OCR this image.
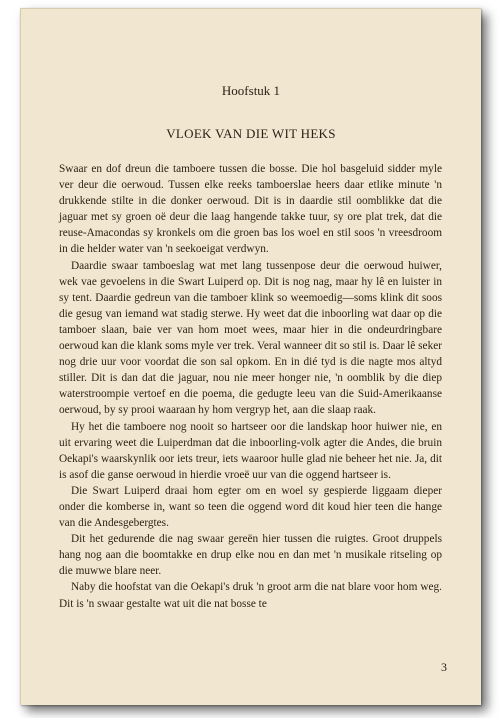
Hoofstuk 1
VLOEK VAN DIE WIT HEKS

Swaar en dof dreun die tamboere tussen die bosse. Die hol basgeluid sidder myle ver deur die oerwoud. Tussen elke reeks tamboerslae heers daar etlike minute 'n drukkende stilte in die donker oerwoud. Dit is in daardie stil oomblikke dat die jaguar met sy groen oë deur die laag hangende takke tuur, sy ore plat trek, dat die reuse-Amacondas sy kronkels om die groen bas los woel en stil soos 'n vreesdroom in die helder water van 'n seekoeigat verdwyn.

Daardie swaar tamboeslag wat met lang tussenpose deur die oerwoud huiwer, wek vae gevoelens in die Swart Luiperd op. Dit is nog nag, maar hy lê en luister in sy tent. Daardie gedreun van die tamboer klink so weemoedig—soms klink dit soos die gesug van iemand wat stadig sterwe. Hy weet dat die inboorling wat daar op die tamboer slaan, baie ver van hom moet wees, maar hier in die ondeurdringbare oerwoud kan die klank soms myle ver trek. Veral wanneer dit so stil is. Daar lê seker nog drie uur voor voordat die son sal opkom. En in dié tyd is die nagte mos altyd stiller. Dit is dan dat die jaguar, nou nie meer honger nie, 'n oomblik by die diep waterstroompie vertoef en die poema, die gedugte leeu van die Suid-Amerikaanse oerwoud, by sy prooi waaraan hy hom vergryp het, aan die slaap raak.

Hy het die tamboere nog nooit so hartseer oor die landskap hoor huiwer nie, en uit ervaring weet die Luiperdman dat die inboorling-volk agter die Andes, die bruin Oekapi's waarskynlik oor iets treur, iets waaroor hulle glad nie beheer het nie. Ja, dit is asof die ganse oerwoud in hierdie vroeë uur van die oggend hartseer is.

Die Swart Luiperd draai hom egter om en woel sy gespierde liggaam dieper onder die komberse in, want so teen die oggend word dit koud hier teen die hange van die Andesgebergtes.

Dit het gedurende die nag swaar gereën hier tussen die ruigtes. Groot druppels hang nog aan die boomtakke en drup elke nou en dan met 'n musikale ritseling op die muwwe blare neer.

Naby die hoofstat van die Oekapi's druk 'n groot arm die nat blare voor hom weg. Dit is 'n swaar gestalte wat uit die nat bosse te

3
